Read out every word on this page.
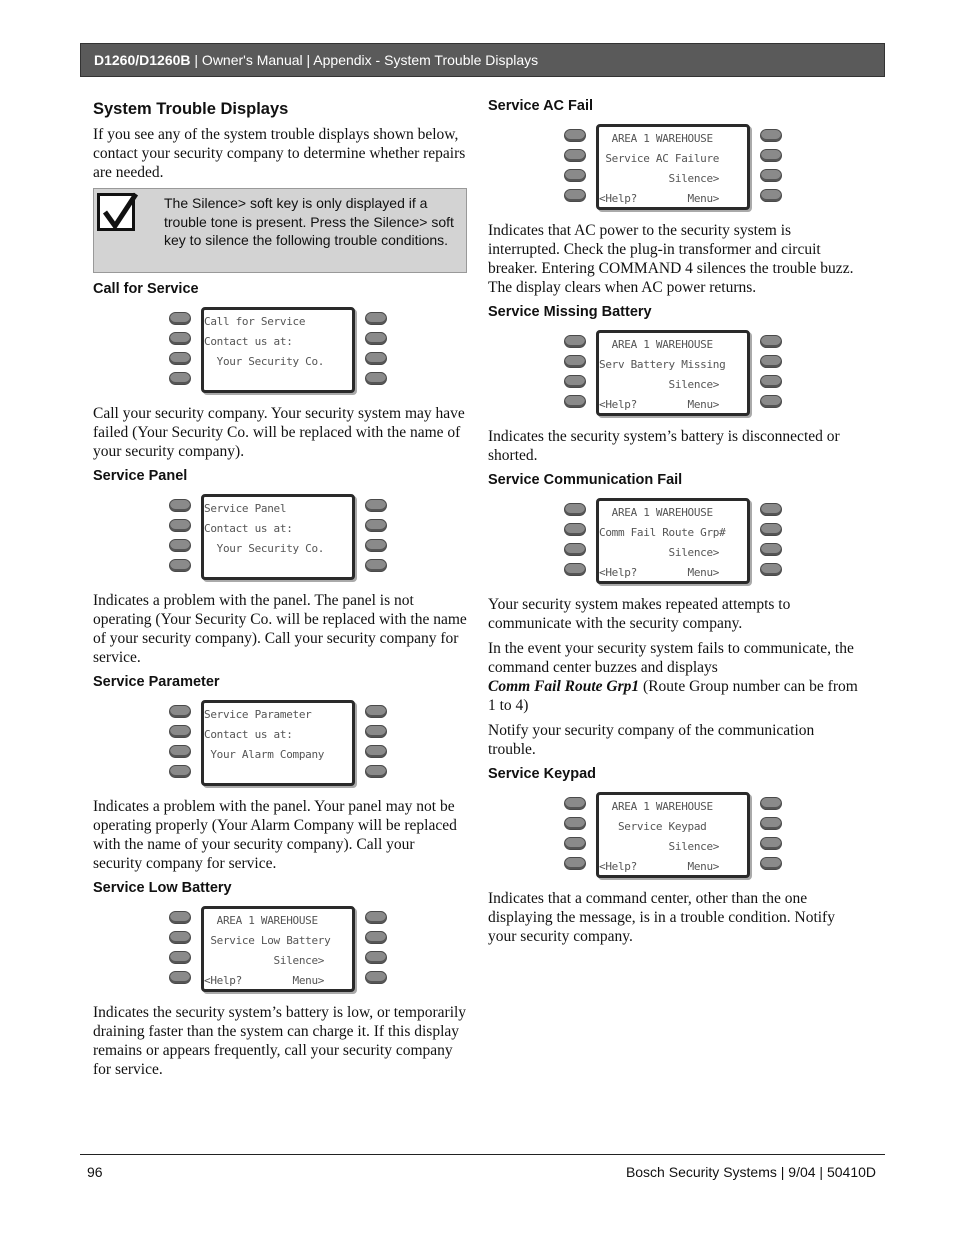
D1260/D1260B | Owner's Manual | Appendix - System Trouble Displays
System Trouble Displays

If you see any of the system trouble displays shown below, contact your security company to determine whether repairs are needed.

The Silence> soft key is only displayed if a trouble tone is present. Press the Silence> soft key to silence the following trouble conditions.
Call for Service
Call for Service
Contact us at:
Your Security Co.

Call your security company. Your security system may have failed (Your Security Co. will be replaced with the name of your security company).

Service Panel
Service Panel
Contact us at:
Your Security Co.

Indicates a problem with the panel. The panel is not operating (Your Security Co. will be replaced with the name of your security company). Call your security company for service.

Service Parameter
Service Parameter
Contact us at:
Your Alarm Company

Indicates a problem with the panel. Your panel may not be operating properly (Your Alarm Company will be replaced with the name of your security company). Call your security company for service.

Service Low Battery
AREA 1 WAREHOUSE
Service Low Battery
Silence>
<Help?        Menu>

Indicates the security system’s battery is low, or temporarily draining faster than the system can charge it. If this display remains or appears frequently, call your security company for service.

Service AC Fail
AREA 1 WAREHOUSE
Service AC Failure
Silence>
<Help?        Menu>

Indicates that AC power to the security system is interrupted. Check the plug-in transformer and circuit breaker. Entering COMMAND 4 silences the trouble buzz. The display clears when AC power returns.

Service Missing Battery
AREA 1 WAREHOUSE
Serv Battery Missing
Silence>
<Help?        Menu>

Indicates the security system’s battery is disconnected or shorted.

Service Communication Fail
AREA 1 WAREHOUSE
Comm Fail Route Grp#
Silence>
<Help?        Menu>

Your security system makes repeated attempts to communicate with the security company.

In the event your security system fails to communicate, the command center buzzes and displays
Comm Fail Route Grp1 (Route Group number can be from 1 to 4)

Notify your security company of the communication trouble.

Service Keypad
AREA 1 WAREHOUSE
Service Keypad
Silence>
<Help?        Menu>

Indicates that a command center, other than the one displaying the message, is in a trouble condition. Notify your security company.

96	Bosch Security Systems | 9/04 | 50410D
